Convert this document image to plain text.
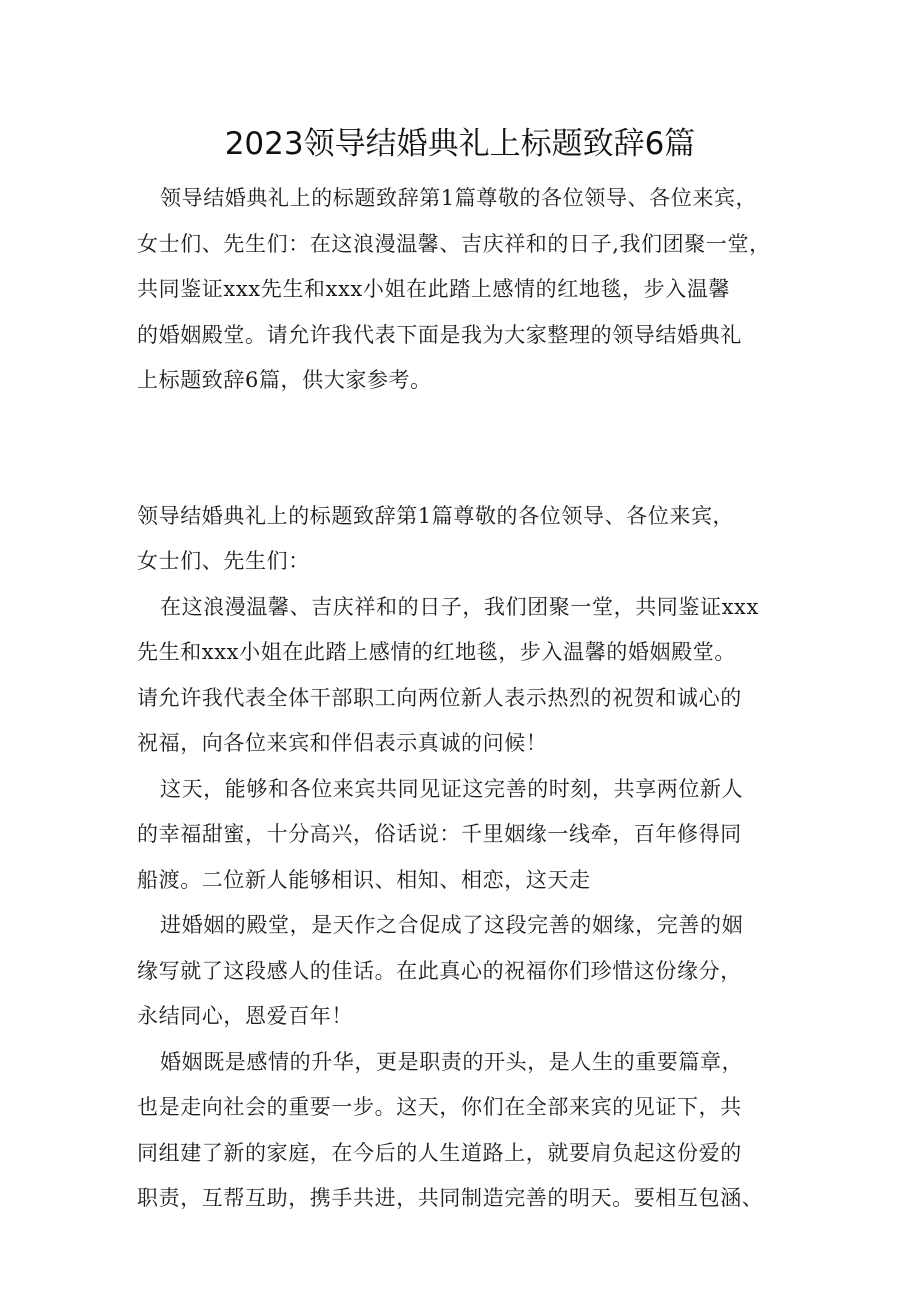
2023领导结婚典礼上标题致辞6篇
领导结婚典礼上的标题致辞第1篇尊敬的各位领导、各位来宾，
女士们、先生们：在这浪漫温馨、吉庆祥和的日子,我们团聚一堂，
共同鉴证xxx先生和xxx小姐在此踏上感情的红地毯，步入温馨
的婚姻殿堂。请允许我代表下面是我为大家整理的领导结婚典礼
上标题致辞6篇，供大家参考。
领导结婚典礼上的标题致辞第1篇尊敬的各位领导、各位来宾，
女士们、先生们：
在这浪漫温馨、吉庆祥和的日子，我们团聚一堂，共同鉴证xxx
先生和xxx小姐在此踏上感情的红地毯，步入温馨的婚姻殿堂。
请允许我代表全体干部职工向两位新人表示热烈的祝贺和诚心的
祝福，向各位来宾和伴侣表示真诚的问候！
这天，能够和各位来宾共同见证这完善的时刻，共享两位新人
的幸福甜蜜，十分高兴，俗话说：千里姻缘一线牵，百年修得同
船渡。二位新人能够相识、相知、相恋，这天走
进婚姻的殿堂，是天作之合促成了这段完善的姻缘，完善的姻
缘写就了这段感人的佳话。在此真心的祝福你们珍惜这份缘分，
永结同心，恩爱百年！
婚姻既是感情的升华，更是职责的开头，是人生的重要篇章，
也是走向社会的重要一步。这天，你们在全部来宾的见证下，共
同组建了新的家庭，在今后的人生道路上，就要肩负起这份爱的
职责，互帮互助，携手共进，共同制造完善的明天。要相互包涵、
